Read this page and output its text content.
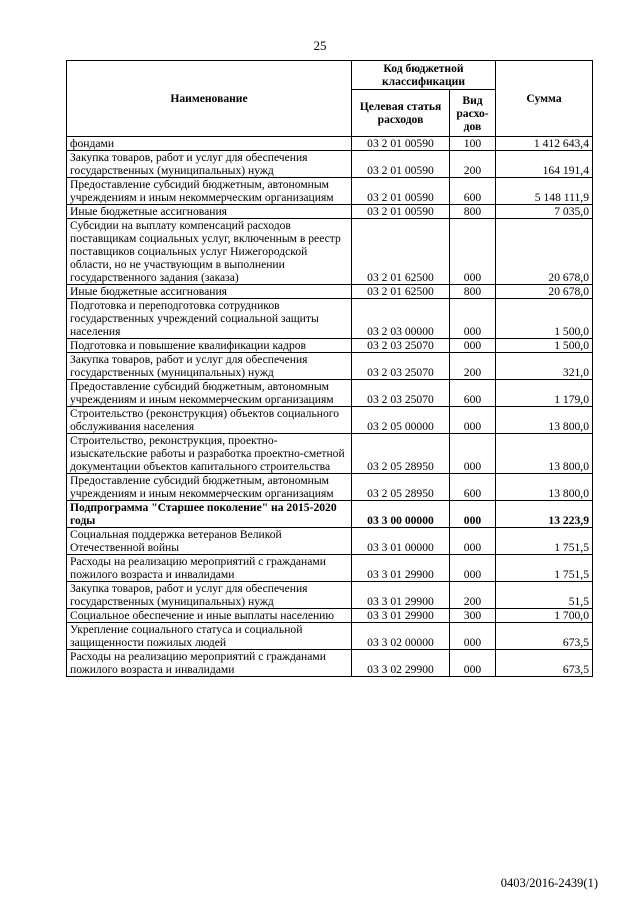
25
Наименование	Код бюджетной классификации		Сумма
	Целевая статья расходов	Вид расхо-дов	
фондами	03 2 01 00590	100	1 412 643,4
Закупка товаров, работ и услуг для обеспечения государственных (муниципальных) нужд	03 2 01 00590	200	164 191,4
Предоставление субсидий бюджетным, автономным учреждениям и иным некоммерческим организациям	03 2 01 00590	600	5 148 111,9
Иные бюджетные ассигнования	03 2 01 00590	800	7 035,0
Субсидии на выплату компенсаций расходов поставщикам социальных услуг, включенным в реестр поставщиков социальных услуг Нижегородской области, но не участвующим в выполнении государственного задания (заказа)	03 2 01 62500	000	20 678,0
Иные бюджетные ассигнования	03 2 01 62500	800	20 678,0
Подготовка и переподготовка сотрудников государственных учреждений социальной защиты населения	03 2 03 00000	000	1 500,0
Подготовка и повышение квалификации кадров	03 2 03 25070	000	1 500,0
Закупка товаров, работ и услуг для обеспечения государственных (муниципальных) нужд	03 2 03 25070	200	321,0
Предоставление субсидий бюджетным, автономным учреждениям и иным некоммерческим организациям	03 2 03 25070	600	1 179,0
Строительство (реконструкция) объектов социального обслуживания населения	03 2 05 00000	000	13 800,0
Строительство, реконструкция, проектно-изыскательские работы и разработка проектно-сметной документации объектов капитального строительства	03 2 05 28950	000	13 800,0
Предоставление субсидий бюджетным, автономным учреждениям и иным некоммерческим организациям	03 2 05 28950	600	13 800,0
Подпрограмма "Старшее поколение" на 2015-2020 годы	03 3 00 00000	000	13 223,9
Социальная поддержка ветеранов Великой Отечественной войны	03 3 01 00000	000	1 751,5
Расходы на реализацию мероприятий с гражданами пожилого возраста и инвалидами	03 3 01 29900	000	1 751,5
Закупка товаров, работ и услуг для обеспечения государственных (муниципальных) нужд	03 3 01 29900	200	51,5
Социальное обеспечение и иные выплаты населению	03 3 01 29900	300	1 700,0
Укрепление социального статуса и социальной защищенности пожилых людей	03 3 02 00000	000	673,5
Расходы на реализацию мероприятий с гражданами пожилого возраста и инвалидами	03 3 02 29900	000	673,5
0403/2016-2439(1)
